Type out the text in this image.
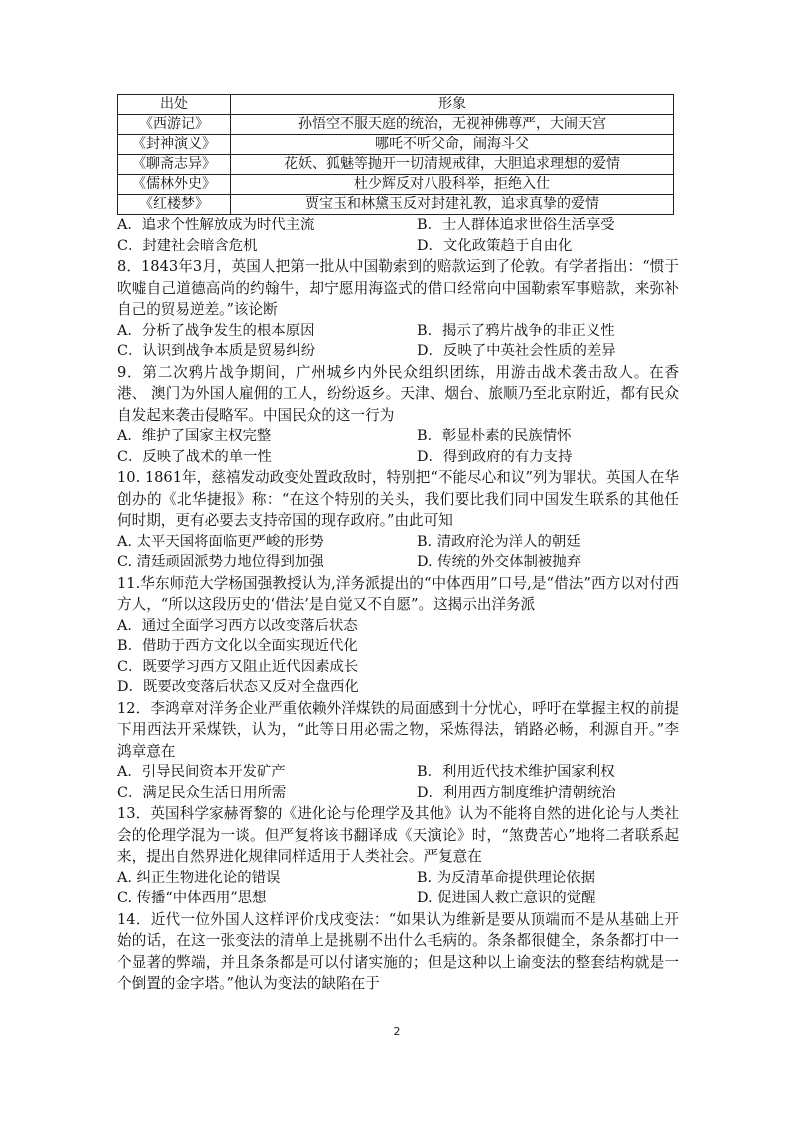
出处	形象
《西游记》	孙悟空不服天庭的统治，无视神佛尊严，大闹天宫
《封神演义》	哪吒不听父命，闹海斗父
《聊斋志异》	花妖、狐魅等抛开一切清规戒律，大胆追求理想的爱情
《儒林外史》	杜少辉反对八股科举，拒绝入仕
《红楼梦》	贾宝玉和林黛玉反对封建礼教，追求真挚的爱情
A．追求个性解放成为时代主流	B．士人群体追求世俗生活享受
C．封建社会暗含危机	D．文化政策趋于自由化

8．1843年3月，英国人把第一批从中国勒索到的赔款运到了伦敦。有学者指出：“惯于吹嘘自己道德高尚的约翰牛，却宁愿用海盗式的借口经常向中国勒索军事赔款，来弥补自己的贸易逆差。”该论断

A．分析了战争发生的根本原因	B．揭示了鸦片战争的非正义性
C．认识到战争本质是贸易纠纷	D．反映了中英社会性质的差异

9．第二次鸦片战争期间，广州城乡内外民众组织团练，用游击战术袭击敌人。在香港、 澳门为外国人雇佣的工人，纷纷返乡。天津、烟台、旅顺乃至北京附近，都有民众自发起来袭击侵略军。中国民众的这一行为

A．维护了国家主权完整	B．彰显朴素的民族情怀
C．反映了战术的单一性	D．得到政府的有力支持

10. 1861年，慈禧发动政变处置政敌时，特别把“不能尽心和议”列为罪状。英国人在华创办的《北华捷报》称：“在这个特别的关头，我们要比我们同中国发生联系的其他任何时期，更有必要去支持帝国的现存政府。”由此可知

A. 太平天国将面临更严峻的形势	B. 清政府沦为洋人的朝廷
C. 清廷顽固派势力地位得到加强	D. 传统的外交体制被抛弃

11.华东师范大学杨国强教授认为,洋务派提出的“中体西用”口号,是“借法”西方以对付西方人，“所以这段历史的‘借法’是自觉又不自愿”。这揭示出洋务派

A．通过全面学习西方以改变落后状态
B．借助于西方文化以全面实现近代化
C．既要学习西方又阻止近代因素成长
D．既要改变落后状态又反对全盘西化

12．李鸿章对洋务企业严重依赖外洋煤铁的局面感到十分忧心，呼吁在掌握主权的前提下用西法开采煤铁，认为，“此等日用必需之物，采炼得法，销路必畅，利源自开。”李鸿章意在

A．引导民间资本开发矿产	B．利用近代技术维护国家利权
C．满足民众生活日用所需	D．利用西方制度维护清朝统治

13．英国科学家赫胥黎的《进化论与伦理学及其他》认为不能将自然的进化论与人类社会的伦理学混为一谈。但严复将该书翻译成《天演论》时，“煞费苦心”地将二者联系起来，提出自然界进化规律同样适用于人类社会。严复意在

A. 纠正生物进化论的错误	B. 为反清革命提供理论依据
C. 传播“中体西用”思想	D. 促进国人救亡意识的觉醒

14．近代一位外国人这样评价戊戌变法：“如果认为维新是要从顶端而不是从基础上开始的话，在这一张变法的清单上是挑剔不出什么毛病的。条条都很健全，条条都打中一个显著的弊端，并且条条都是可以付诸实施的；但是这种以上谕变法的整套结构就是一个倒置的金字塔。”他认为变法的缺陷在于

2
